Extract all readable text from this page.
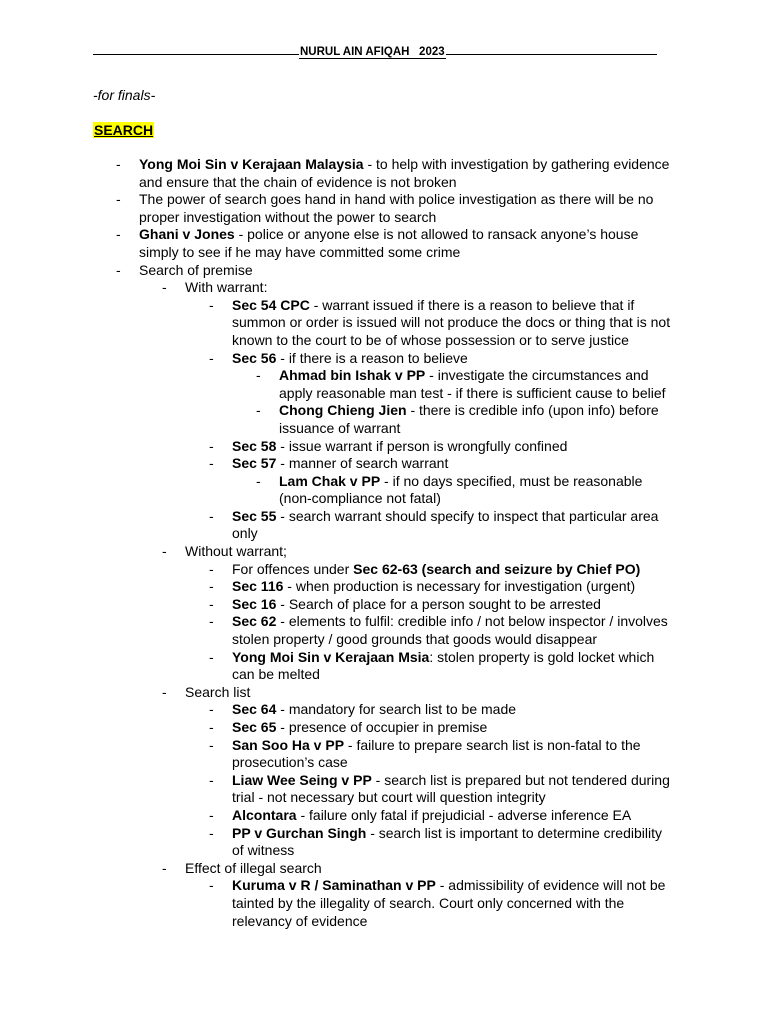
NURUL AIN AFIQAH   2023
-for finals-
SEARCH
- Yong Moi Sin v Kerajaan Malaysia - to help with investigation by gathering evidence and ensure that the chain of evidence is not broken
- The power of search goes hand in hand with police investigation as there will be no proper investigation without the power to search
- Ghani v Jones - police or anyone else is not allowed to ransack anyone’s house simply to see if he may have committed some crime
- Search of premise
- With warrant:
- Sec 54 CPC - warrant issued if there is a reason to believe that if summon or order is issued will not produce the docs or thing that is not known to the court to be of whose possession or to serve justice
- Sec 56 - if there is a reason to believe
- Ahmad bin Ishak v PP - investigate the circumstances and apply reasonable man test - if there is sufficient cause to belief
- Chong Chieng Jien - there is credible info (upon info) before issuance of warrant
- Sec 58 - issue warrant if person is wrongfully confined
- Sec 57 - manner of search warrant
- Lam Chak v PP - if no days specified, must be reasonable (non-compliance not fatal)
- Sec 55 - search warrant should specify to inspect that particular area only
- Without warrant;
- For offences under Sec 62-63 (search and seizure by Chief PO)
- Sec 116 - when production is necessary for investigation (urgent)
- Sec 16 - Search of place for a person sought to be arrested
- Sec 62 - elements to fulfil: credible info / not below inspector / involves stolen property / good grounds that goods would disappear
- Yong Moi Sin v Kerajaan Msia: stolen property is gold locket which can be melted
- Search list
- Sec 64 - mandatory for search list to be made
- Sec 65 - presence of occupier in premise
- San Soo Ha v PP - failure to prepare search list is non-fatal to the prosecution’s case
- Liaw Wee Seing v PP - search list is prepared but not tendered during trial - not necessary but court will question integrity
- Alcontara - failure only fatal if prejudicial - adverse inference EA
- PP v Gurchan Singh - search list is important to determine credibility of witness
- Effect of illegal search
- Kuruma v R / Saminathan v PP - admissibility of evidence will not be tainted by the illegality of search. Court only concerned with the relevancy of evidence
